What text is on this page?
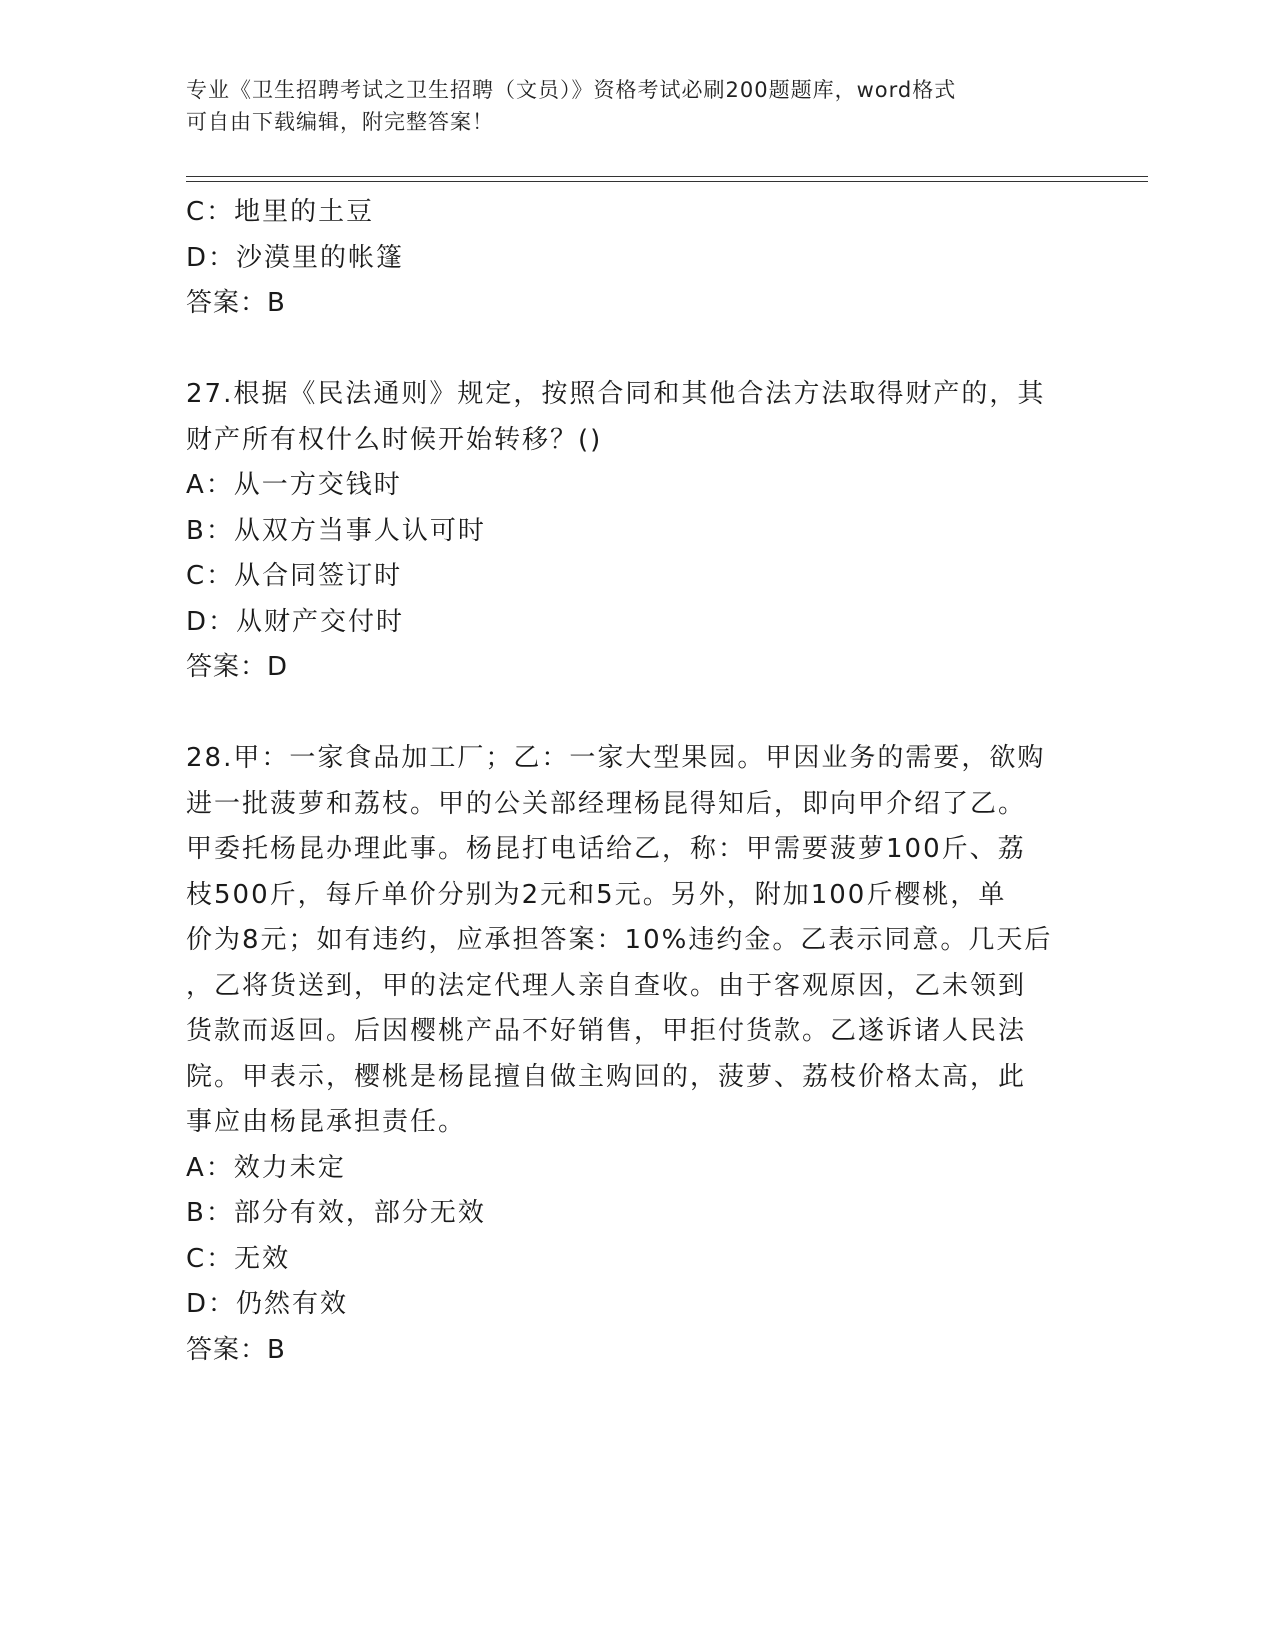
专业《卫生招聘考试之卫生招聘（文员）》资格考试必刷200题题库，word格式
可自由下载编辑，附完整答案！
C：地里的土豆
D：沙漠里的帐篷
答案：B
27.根据《民法通则》规定，按照合同和其他合法方法取得财产的，其
财产所有权什么时候开始转移？()
A：从一方交钱时
B：从双方当事人认可时
C：从合同签订时
D：从财产交付时
答案：D
28.甲：一家食品加工厂；乙：一家大型果园。甲因业务的需要，欲购
进一批菠萝和荔枝。甲的公关部经理杨昆得知后，即向甲介绍了乙。
甲委托杨昆办理此事。杨昆打电话给乙，称：甲需要菠萝100斤、荔
枝500斤，每斤单价分别为2元和5元。另外，附加100斤樱桃，单
价为8元；如有违约，应承担答案：10%违约金。乙表示同意。几天后
，乙将货送到，甲的法定代理人亲自查收。由于客观原因，乙未领到
货款而返回。后因樱桃产品不好销售，甲拒付货款。乙遂诉诸人民法
院。甲表示，樱桃是杨昆擅自做主购回的，菠萝、荔枝价格太高，此
事应由杨昆承担责任。
A：效力未定
B：部分有效，部分无效
C：无效
D：仍然有效
答案：B
